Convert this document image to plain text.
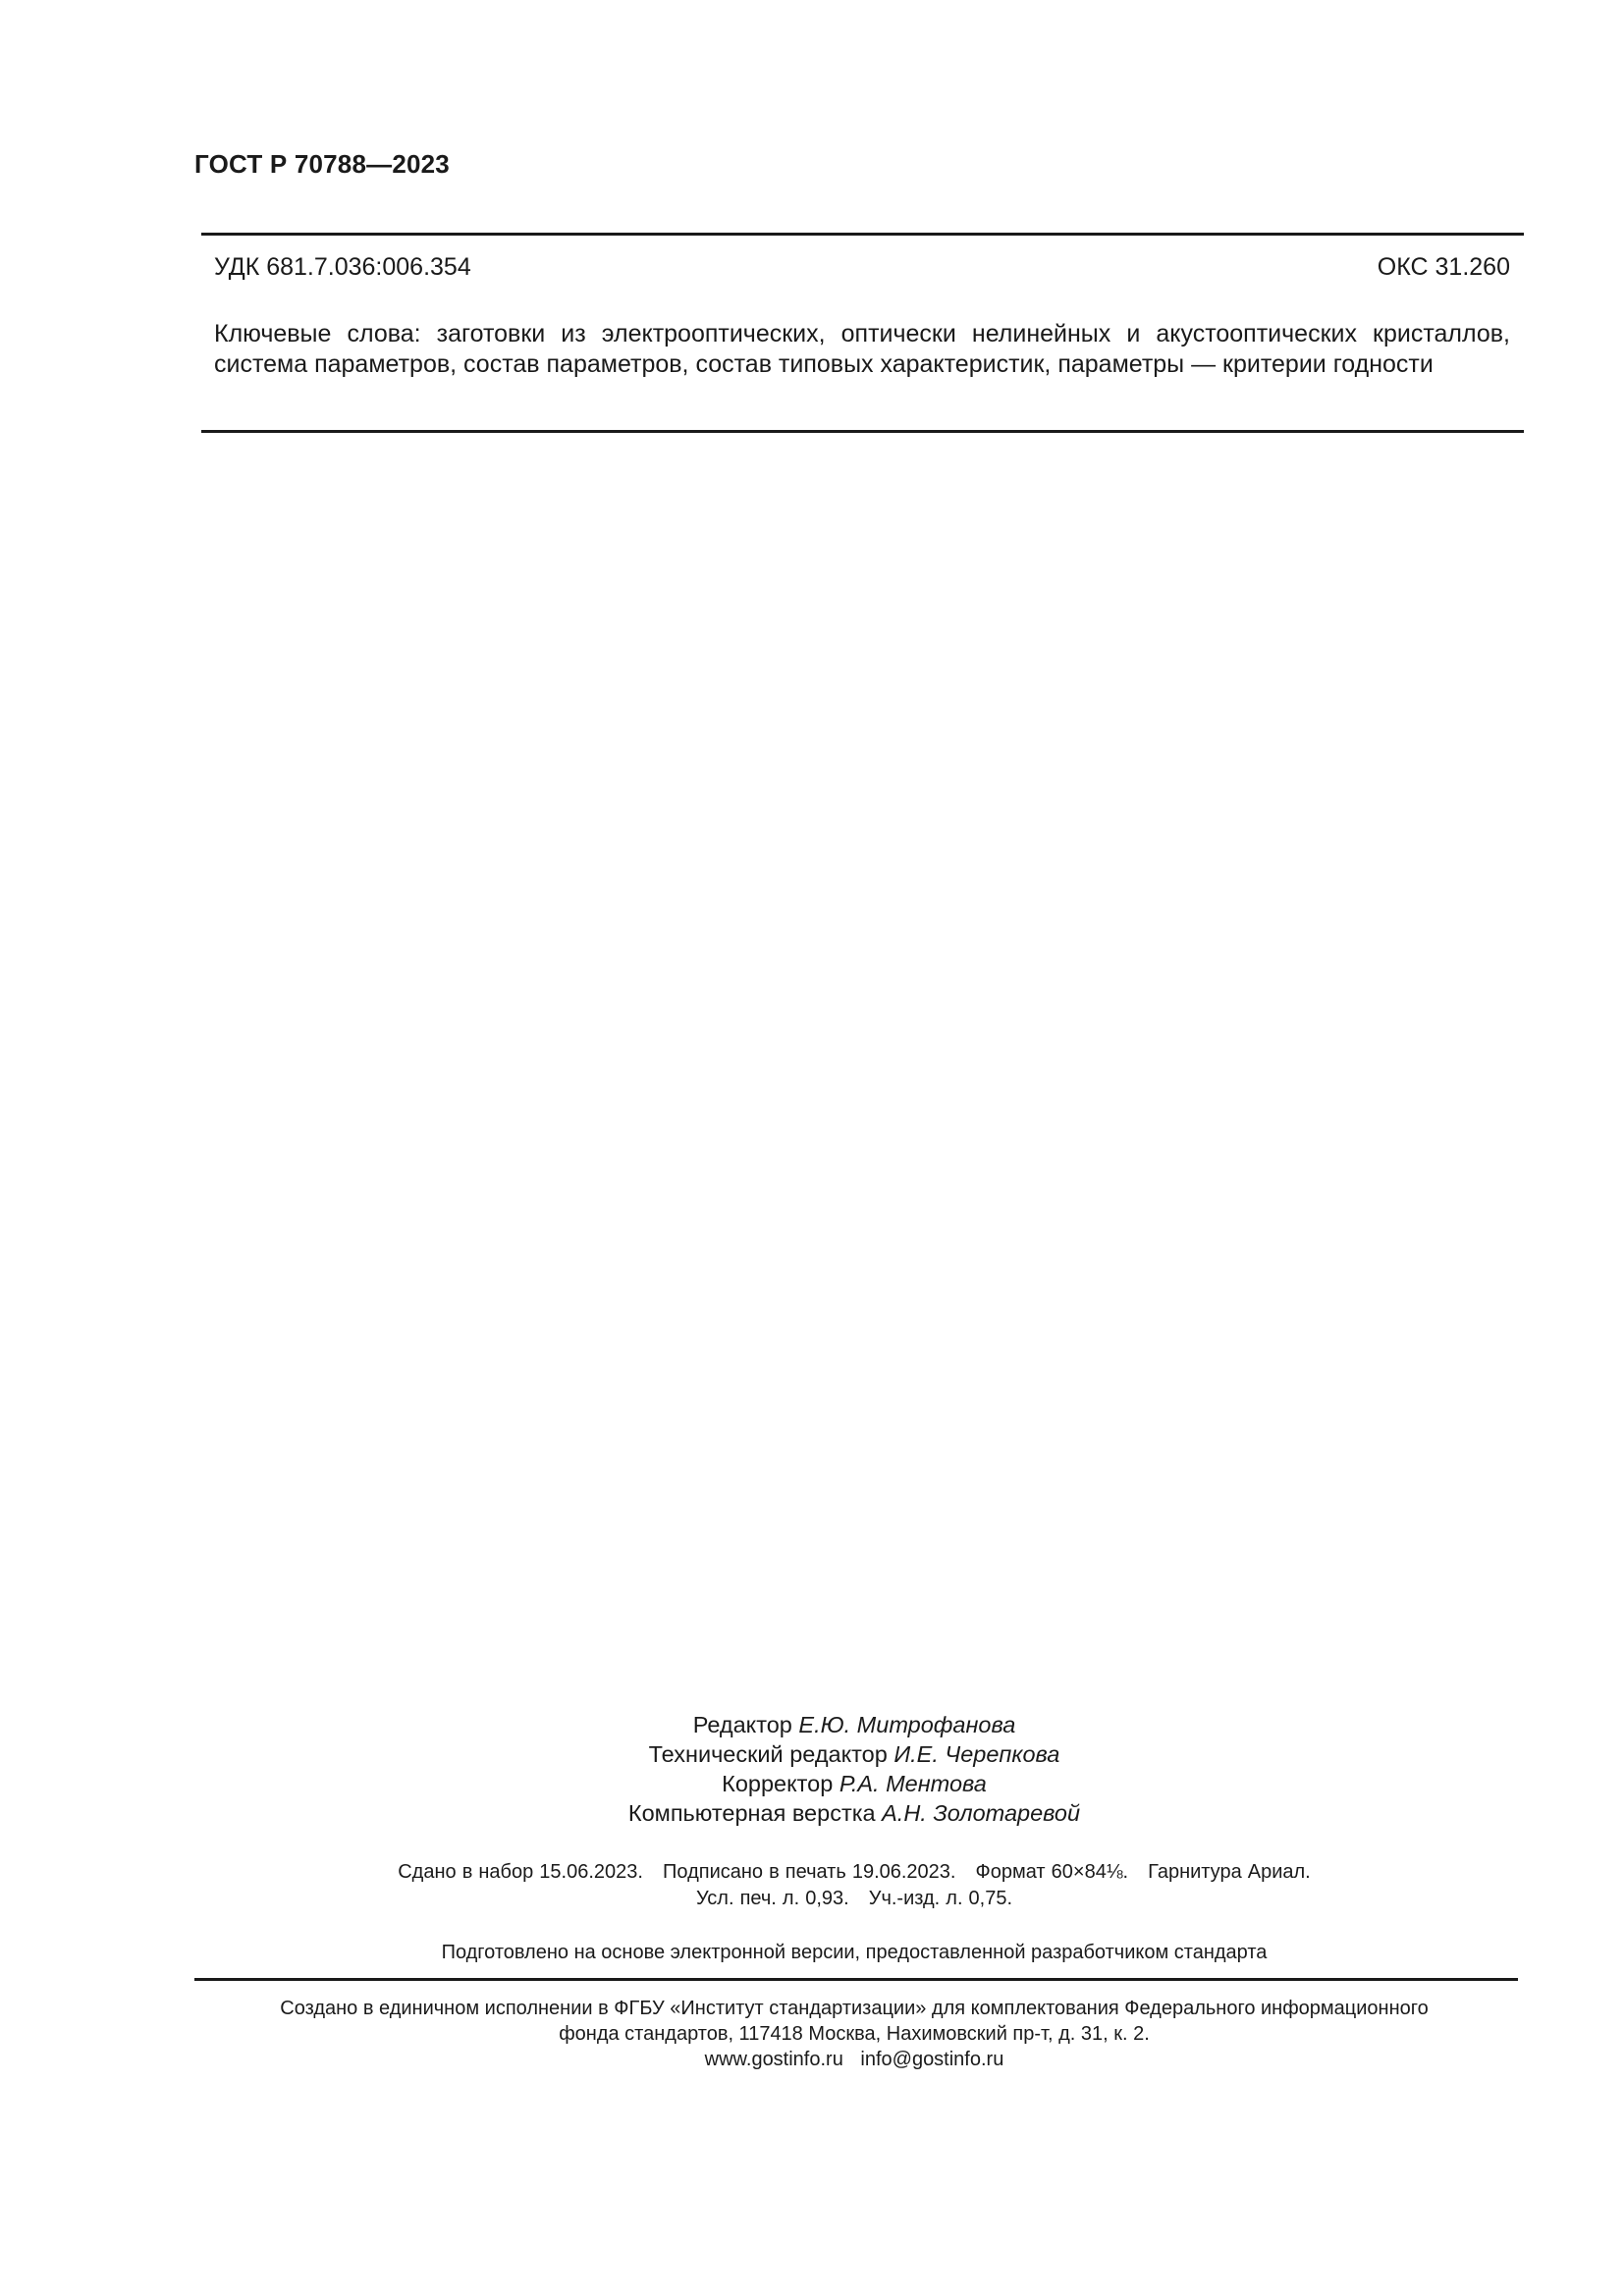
ГОСТ Р 70788—2023
УДК 681.7.036:006.354	ОКС 31.260
Ключевые слова: заготовки из электрооптических, оптически нелинейных и акустооптических кристаллов, система параметров, состав параметров, состав типовых характеристик, параметры — критерии годности
Редактор Е.Ю. Митрофанова
Технический редактор И.Е. Черепкова
Корректор Р.А. Ментова
Компьютерная верстка А.Н. Золотаревой
Сдано в набор 15.06.2023. Подписано в печать 19.06.2023. Формат 60×84⅛. Гарнитура Ариал.
Усл. печ. л. 0,93. Уч.-изд. л. 0,75.
Подготовлено на основе электронной версии, предоставленной разработчиком стандарта
Создано в единичном исполнении в ФГБУ «Институт стандартизации» для комплектования Федерального информационного
фонда стандартов, 117418 Москва, Нахимовский пр-т, д. 31, к. 2.
www.gostinfo.ru info@gostinfo.ru
